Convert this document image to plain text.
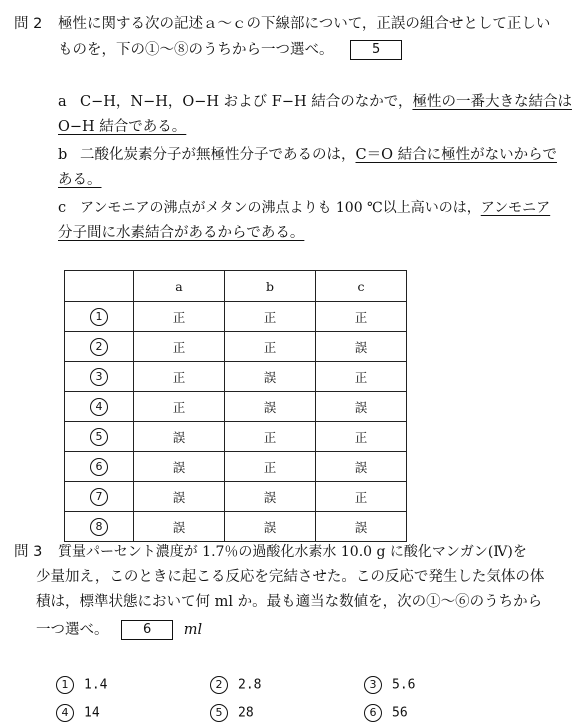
問 2 極性に関する次の記述ａ～ｃの下線部について，正誤の組合せとして正しい
ものを，下の①～⑧のうちから一つ選べ。	5
a C−H，N−H，O−H および F−H 結合のなかで，極性の一番大きな結合は
O−H 結合である。
b 二酸化炭素分子が無極性分子であるのは，C＝O 結合に極性がないからで
ある。
c アンモニアの沸点がメタンの沸点よりも 100 ℃以上高いのは，アンモニア
分子間に水素結合があるからである。
	a	b	c
1	正	正	正
2	正	正	誤
3	正	誤	正
4	正	誤	誤
5	誤	正	正
6	誤	正	誤
7	誤	誤	正
8	誤	誤	誤
問 3 質量パーセント濃度が 1.7％の過酸化水素水 10.0 g に酸化マンガン(Ⅳ)を
少量加え，このときに起こる反応を完結させた。この反応で発生した気体の体
積は，標準状態において何 ml か。最も適当な数値を，次の①～⑥のうちから
一つ選べ。	6 ml
1 1.4	2 2.8	3 5.6
4 14	5 28	6 56
